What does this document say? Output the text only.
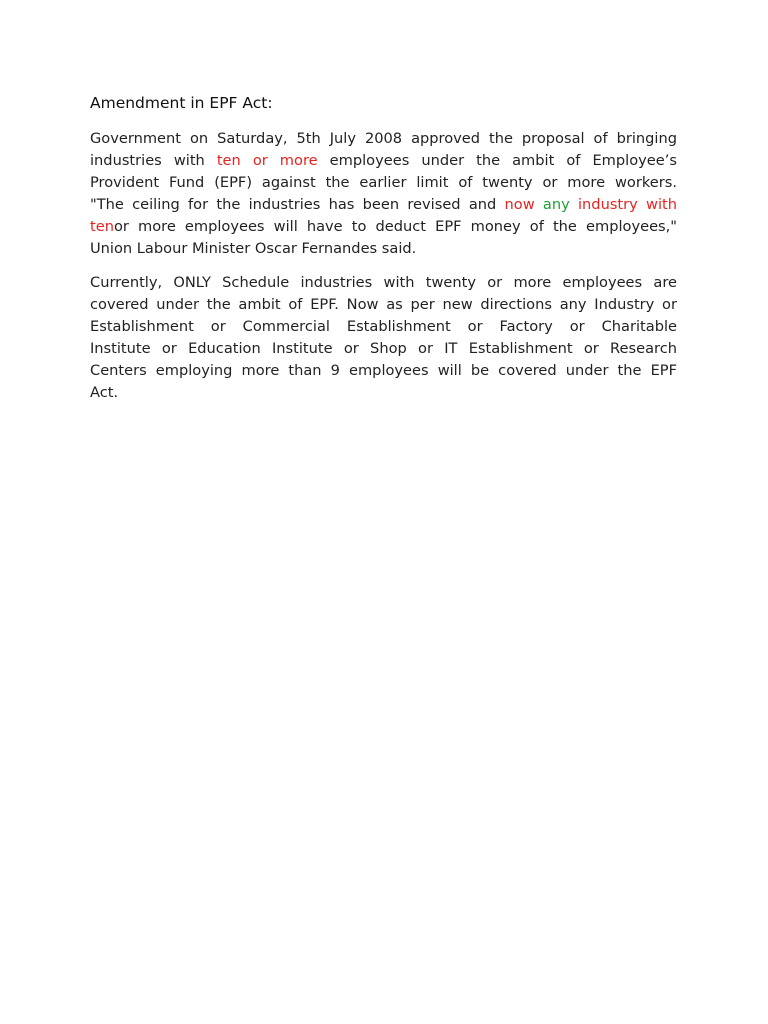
Amendment in EPF Act:
Government on Saturday, 5th July 2008 approved the proposal of bringing
industries with ten or more employees under the ambit of Employee’s
Provident Fund (EPF) against the earlier limit of twenty or more workers.
"The ceiling for the industries has been revised and now any industry with
tenor more employees will have to deduct EPF money of the employees,"
Union Labour Minister Oscar Fernandes said.
Currently, ONLY Schedule industries with twenty or more employees are
covered under the ambit of EPF. Now as per new directions any Industry or
Establishment or Commercial Establishment or Factory or Charitable
Institute or Education Institute or Shop or IT Establishment or Research
Centers employing more than 9 employees will be covered under the EPF
Act.
